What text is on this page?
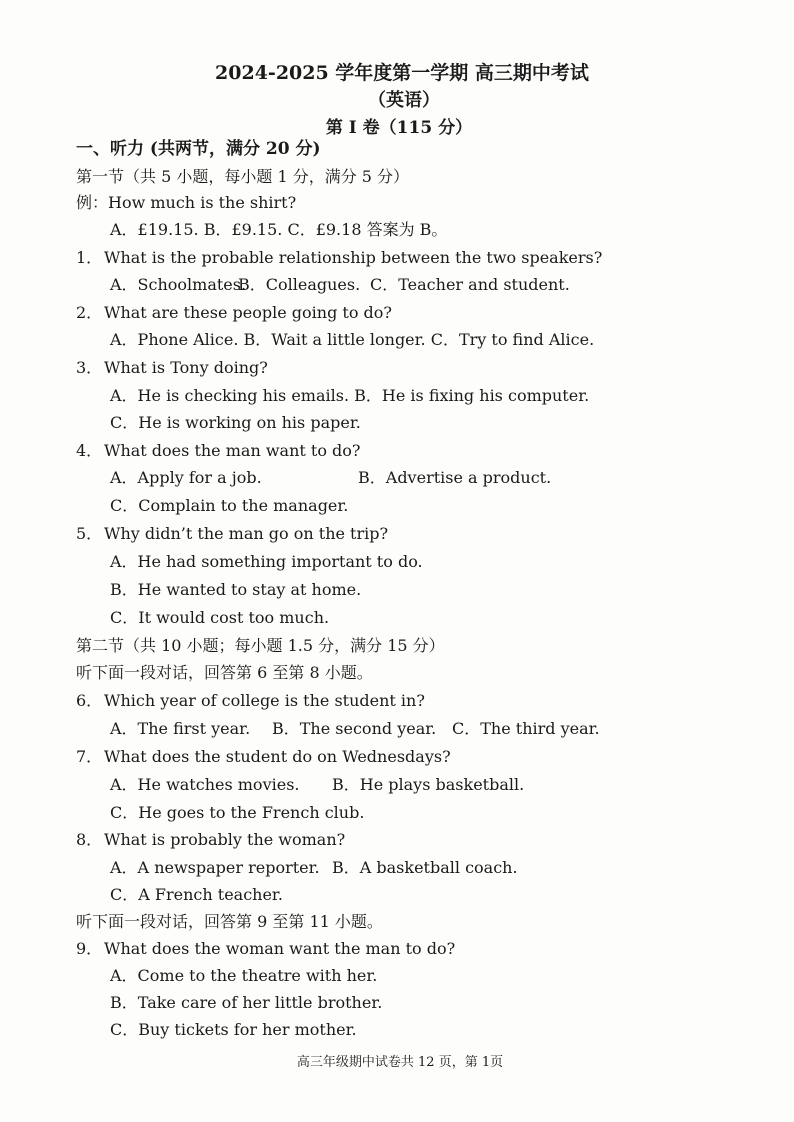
2024-2025 学年度第一学期 高三期中考试
（英语）
第 I 卷（115 分）
一、听力 (共两节，满分 20 分)
第一节（共 5 小题，每小题 1 分，满分 5 分）
例：How much is the shirt?
A．£19.15. B．£9.15. C．£9.18 答案为 B。
1． What is the probable relationship between the two speakers?
A．Schoolmates.B．Colleagues. C．Teacher and student.
2． What are these people going to do?
A．Phone Alice. B．Wait a little longer. C．Try to find Alice.
3． What is Tony doing?
A．He is checking his emails. B．He is fixing his computer.
C．He is working on his paper.
4． What does the man want to do?
A．Apply for a job.	B．Advertise a product.
C．Complain to the manager.
5． Why didn’t the man go on the trip?
A．He had something important to do.
B．He wanted to stay at home.
C．It would cost too much.
第二节（共 10 小题；每小题 1.5 分，满分 15 分）
听下面一段对话，回答第 6 至第 8 小题。
6． Which year of college is the student in?
A．The first year. B．The second year. C．The third year.
7． What does the student do on Wednesdays?
A．He watches movies. B．He plays basketball.
C．He goes to the French club.
8． What is probably the woman?
A．A newspaper reporter. B．A basketball coach.
C．A French teacher.
听下面一段对话，回答第 9 至第 11 小题。
9． What does the woman want the man to do?
A．Come to the theatre with her.
B．Take care of her little brother.
C．Buy tickets for her mother.
高三年级期中试卷共 12 页，第 1页
